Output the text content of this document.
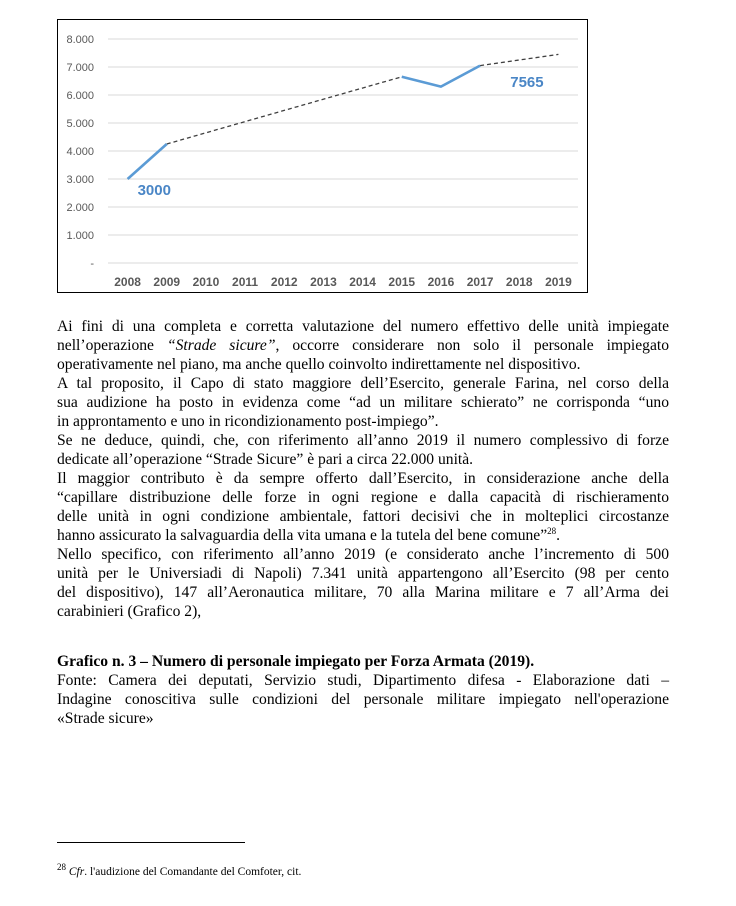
8.000
7.000
6.000
5.000
4.000
3.000
2.000
1.000
-
2008 2009 2010 2011 2012 2013 2014 2015 2016 2017 2018 2019
3000
7565
Ai fini di una completa e corretta valutazione del numero effettivo delle unità impiegate
nell’operazione “Strade sicure”, occorre considerare non solo il personale impiegato
operativamente nel piano, ma anche quello coinvolto indirettamente nel dispositivo.
A tal proposito, il Capo di stato maggiore dell’Esercito, generale Farina, nel corso della
sua audizione ha posto in evidenza come “ad un militare schierato” ne corrisponda “uno
in approntamento e uno in ricondizionamento post-impiego”.
Se ne deduce, quindi, che, con riferimento all’anno 2019 il numero complessivo di forze
dedicate all’operazione “Strade Sicure” è pari a circa 22.000 unità.
Il maggior contributo è da sempre offerto dall’Esercito, in considerazione anche della
“capillare distribuzione delle forze in ogni regione e dalla capacità di rischieramento
delle unità in ogni condizione ambientale, fattori decisivi che in molteplici circostanze
hanno assicurato la salvaguardia della vita umana e la tutela del bene comune”$^{28}$.
Nello specifico, con riferimento all’anno 2019 (e considerato anche l’incremento di 500
unità per le Universiadi di Napoli) 7.341 unità appartengono all’Esercito (98 per cento
del dispositivo), 147 all’Aeronautica militare, 70 alla Marina militare e 7 all’Arma dei
carabinieri (Grafico 2),
Grafico n. 3 – Numero di personale impiegato per Forza Armata (2019).
Fonte: Camera dei deputati, Servizio studi, Dipartimento difesa - Elaborazione dati –
Indagine conoscitiva sulle condizioni del personale militare impiegato nell'operazione
«Strade sicure»
$^{28}$ Cfr. l'audizione del Comandante del Comfoter, cit.
